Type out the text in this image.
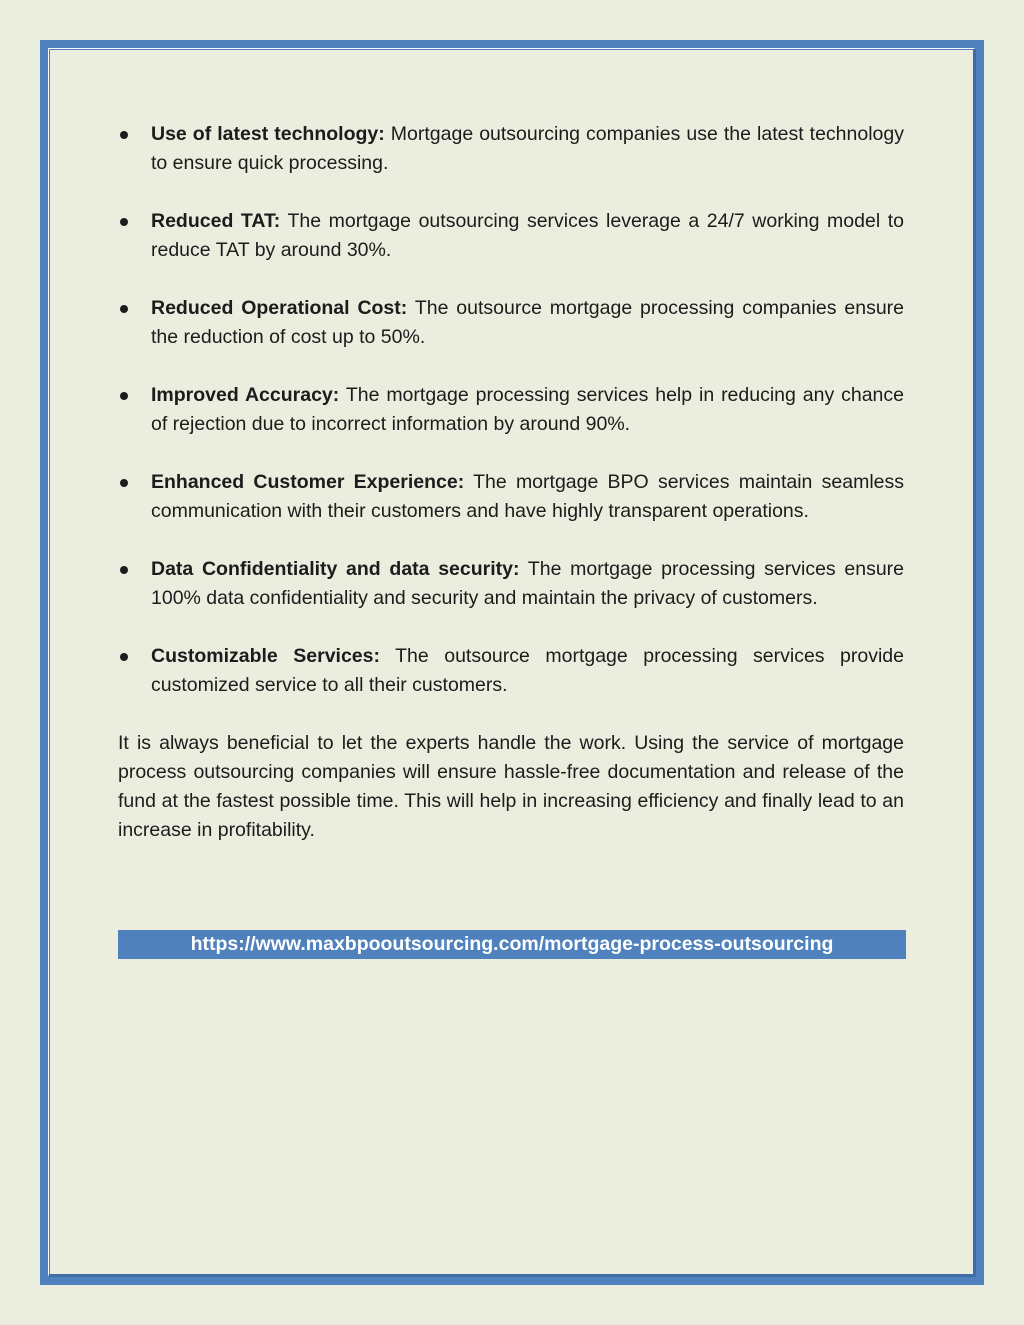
Use of latest technology: Mortgage outsourcing companies use the latest technology to ensure quick processing.
Reduced TAT: The mortgage outsourcing services leverage a 24/7 working model to reduce TAT by around 30%.
Reduced Operational Cost: The outsource mortgage processing companies ensure the reduction of cost up to 50%.
Improved Accuracy: The mortgage processing services help in reducing any chance of rejection due to incorrect information by around 90%.
Enhanced Customer Experience: The mortgage BPO services maintain seamless communication with their customers and have highly transparent operations.
Data Confidentiality and data security: The mortgage processing services ensure 100% data confidentiality and security and maintain the privacy of customers.
Customizable Services: The outsource mortgage processing services provide customized service to all their customers.

It is always beneficial to let the experts handle the work. Using the service of mortgage process outsourcing companies will ensure hassle-free documentation and release of the fund at the fastest possible time. This will help in increasing efficiency and finally lead to an increase in profitability.

https://www.maxbpooutsourcing.com/mortgage-process-outsourcing
